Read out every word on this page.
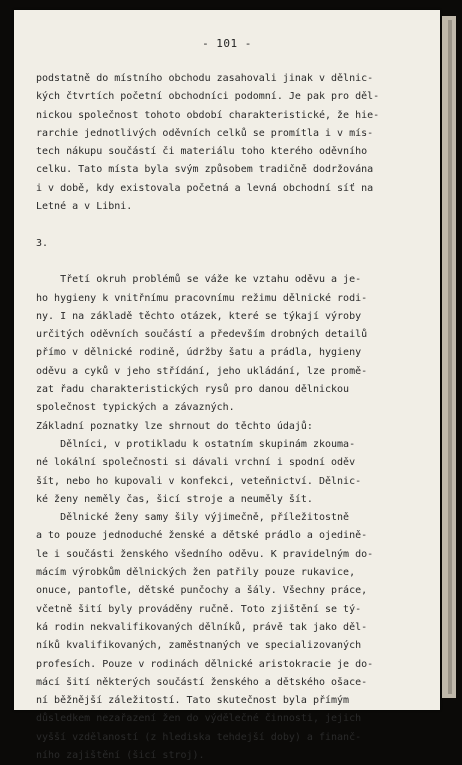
- 101 -
podstatně do místního obchodu zasahovali jinak v dělnic-
kých čtvrtích početní obchodníci podomní. Je pak pro děl-
nickou společnost tohoto období charakteristické, že hie-
rarchie jednotlivých oděvních celků se promítla i v mís-
tech nákupu součástí či materiálu toho kterého oděvního
celku. Tato místa byla svým způsobem tradičně dodržována
i v době, kdy existovala početná a levná obchodní síť na
Letné a v Libni.
3.
Třetí okruh problémů se váže ke vztahu oděvu a je-
ho hygieny k vnitřnímu pracovnímu režimu dělnické rodi-
ny. I na základě těchto otázek, které se týkají výroby
určitých oděvních součástí a především drobných detailů
přímo v dělnické rodině, údržby šatu a prádla, hygieny
oděvu a cyků v jeho střídání, jeho ukládání, lze promě-
zat řadu charakteristických rysů pro danou dělnickou
společnost typických a závazných.
Základní poznatky lze shrnout do těchto údajů:
Dělníci, v protikladu k ostatním skupinám zkouma-
né lokální společnosti si dávali vrchní i spodní oděv
šít, nebo ho kupovali v konfekci, veteňnictví. Dělnic-
ké ženy neměly čas, šicí stroje a neuměly šít.
Dělnické ženy samy šily výjimečně, příležitostně
a to pouze jednoduché ženské a dětské prádlo a ojedině-
le i součásti ženského všedního oděvu. K pravidelným do-
mácím výrobkům dělnických žen patřily pouze rukavice,
onuce, pantofle, dětské punčochy a šály. Všechny práce,
včetně šití byly prováděny ručně. Toto zjištění se tý-
ká rodin nekvalifikovaných dělníků, právě tak jako děl-
níků kvalifikovaných, zaměstnaných ve specializovaných
profesích. Pouze v rodinách dělnické aristokracie je do-
mácí šití některých součástí ženského a dětského ošace-
ní běžnější záležitostí. Tato skutečnost byla přímým
důsledkem nezařazení žen do výdělečné činnosti, jejich
vyšší vzdělaností (z hlediska tehdejší doby) a finanč-
ního zajištění (šicí stroj).
